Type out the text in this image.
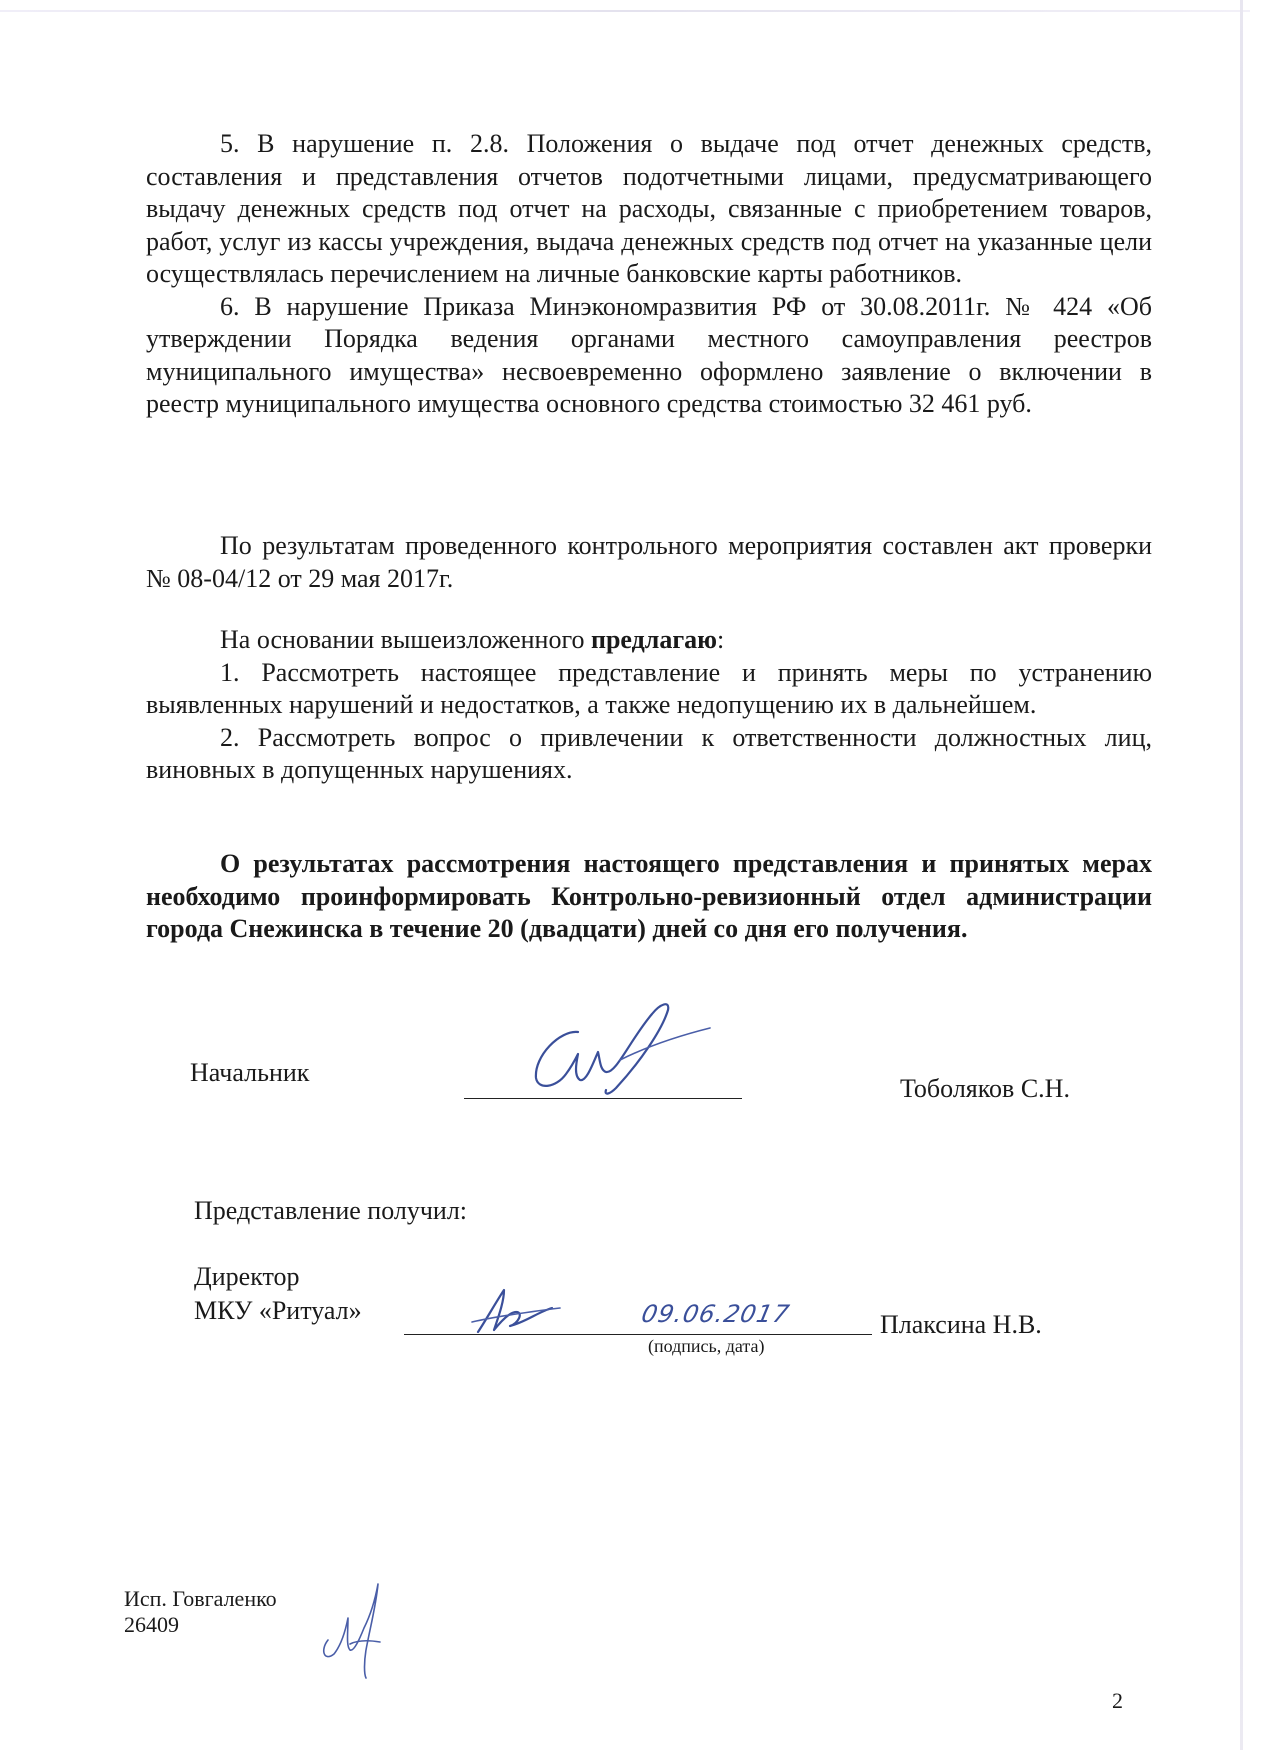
5. В нарушение п. 2.8. Положения о выдаче под отчет денежных средств, составления и представления отчетов подотчетными лицами, предусматривающего выдачу денежных средств под отчет на расходы, связанные с приобретением товаров, работ, услуг из кассы учреждения, выдача денежных средств под отчет на указанные цели осуществлялась перечислением на личные банковские карты работников.

6. В нарушение Приказа Минэкономразвития РФ от 30.08.2011г. № 424 «Об утверждении Порядка ведения органами местного самоуправления реестров муниципального имущества» несвоевременно оформлено заявление о включении в реестр муниципального имущества основного средства стоимостью 32 461 руб.

По результатам проведенного контрольного мероприятия составлен акт проверки № 08-04/12 от 29 мая 2017г.

На основании вышеизложенного предлагаю:

1. Рассмотреть настоящее представление и принять меры по устранению выявленных нарушений и недостатков, а также недопущению их в дальнейшем.

2. Рассмотреть вопрос о привлечении к ответственности должностных лиц, виновных в допущенных нарушениях.

О результатах рассмотрения настоящего представления и принятых мерах необходимо проинформировать Контрольно-ревизионный отдел администрации города Снежинска в течение 20 (двадцати) дней со дня его получения.

Начальник
Тоболяков С.Н.
Представление получил:
Директор
МКУ «Ритуал»	09.06.2017
(подпись, дата)
Плаксина Н.В.
Исп. Говгаленко
26409
2
